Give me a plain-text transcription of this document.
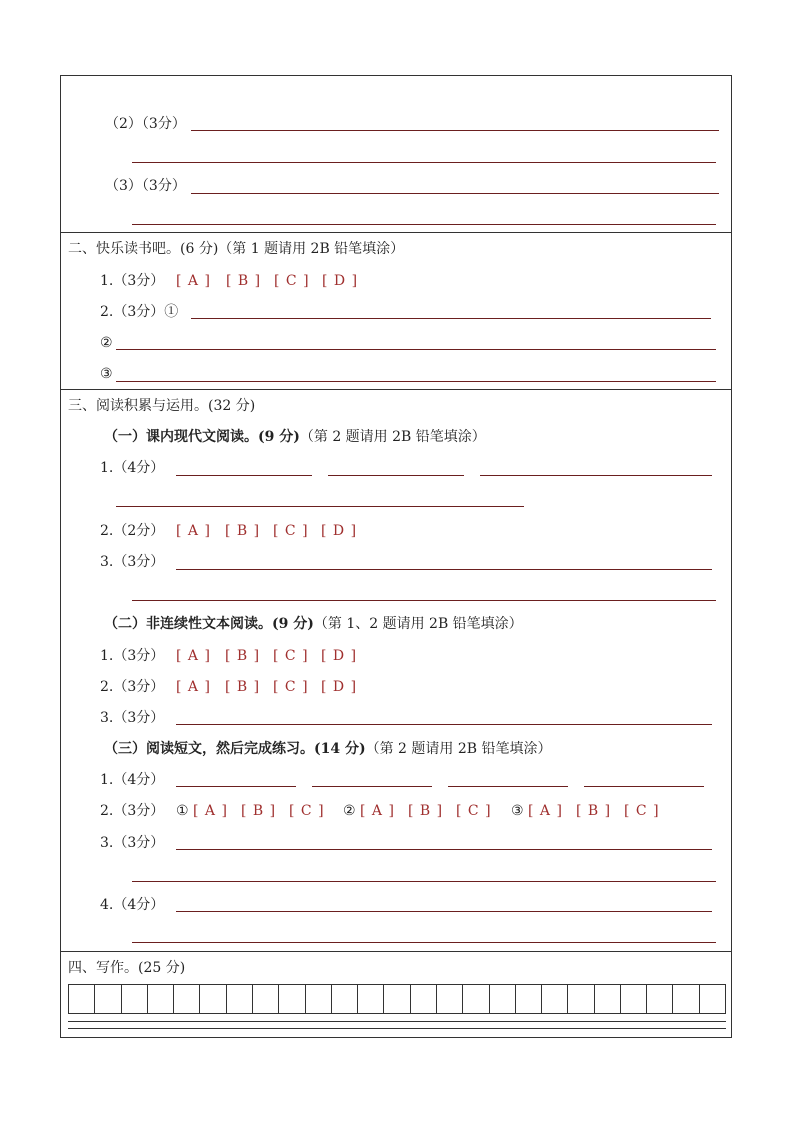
（2）（3分）
（3）（3分）
二、快乐读书吧。(6 分)（第 1 题请用 2B 铅笔填涂）
1.（3分） [ A ] [ B ] [ C ] [ D ]
2.（3分）①
②
③
三、阅读积累与运用。(32 分)
（一）课内现代文阅读。(9 分)（第 2 题请用 2B 铅笔填涂）
1.（4分）
2.（2分） [ A ] [ B ] [ C ] [ D ]
3.（3分）
（二）非连续性文本阅读。(9 分)（第 1、2 题请用 2B 铅笔填涂）
1.（3分） [ A ] [ B ] [ C ] [ D ]
2.（3分） [ A ] [ B ] [ C ] [ D ]
3.（3分）
（三）阅读短文，然后完成练习。(14 分)（第 2 题请用 2B 铅笔填涂）
1.（4分）
2.（3分） ① [ A ] [ B ] [ C ] ② [ A ] [ B ] [ C ] ③ [ A ] [ B ] [ C ]
3.（3分）
4.（4分）
四、写作。(25 分)
